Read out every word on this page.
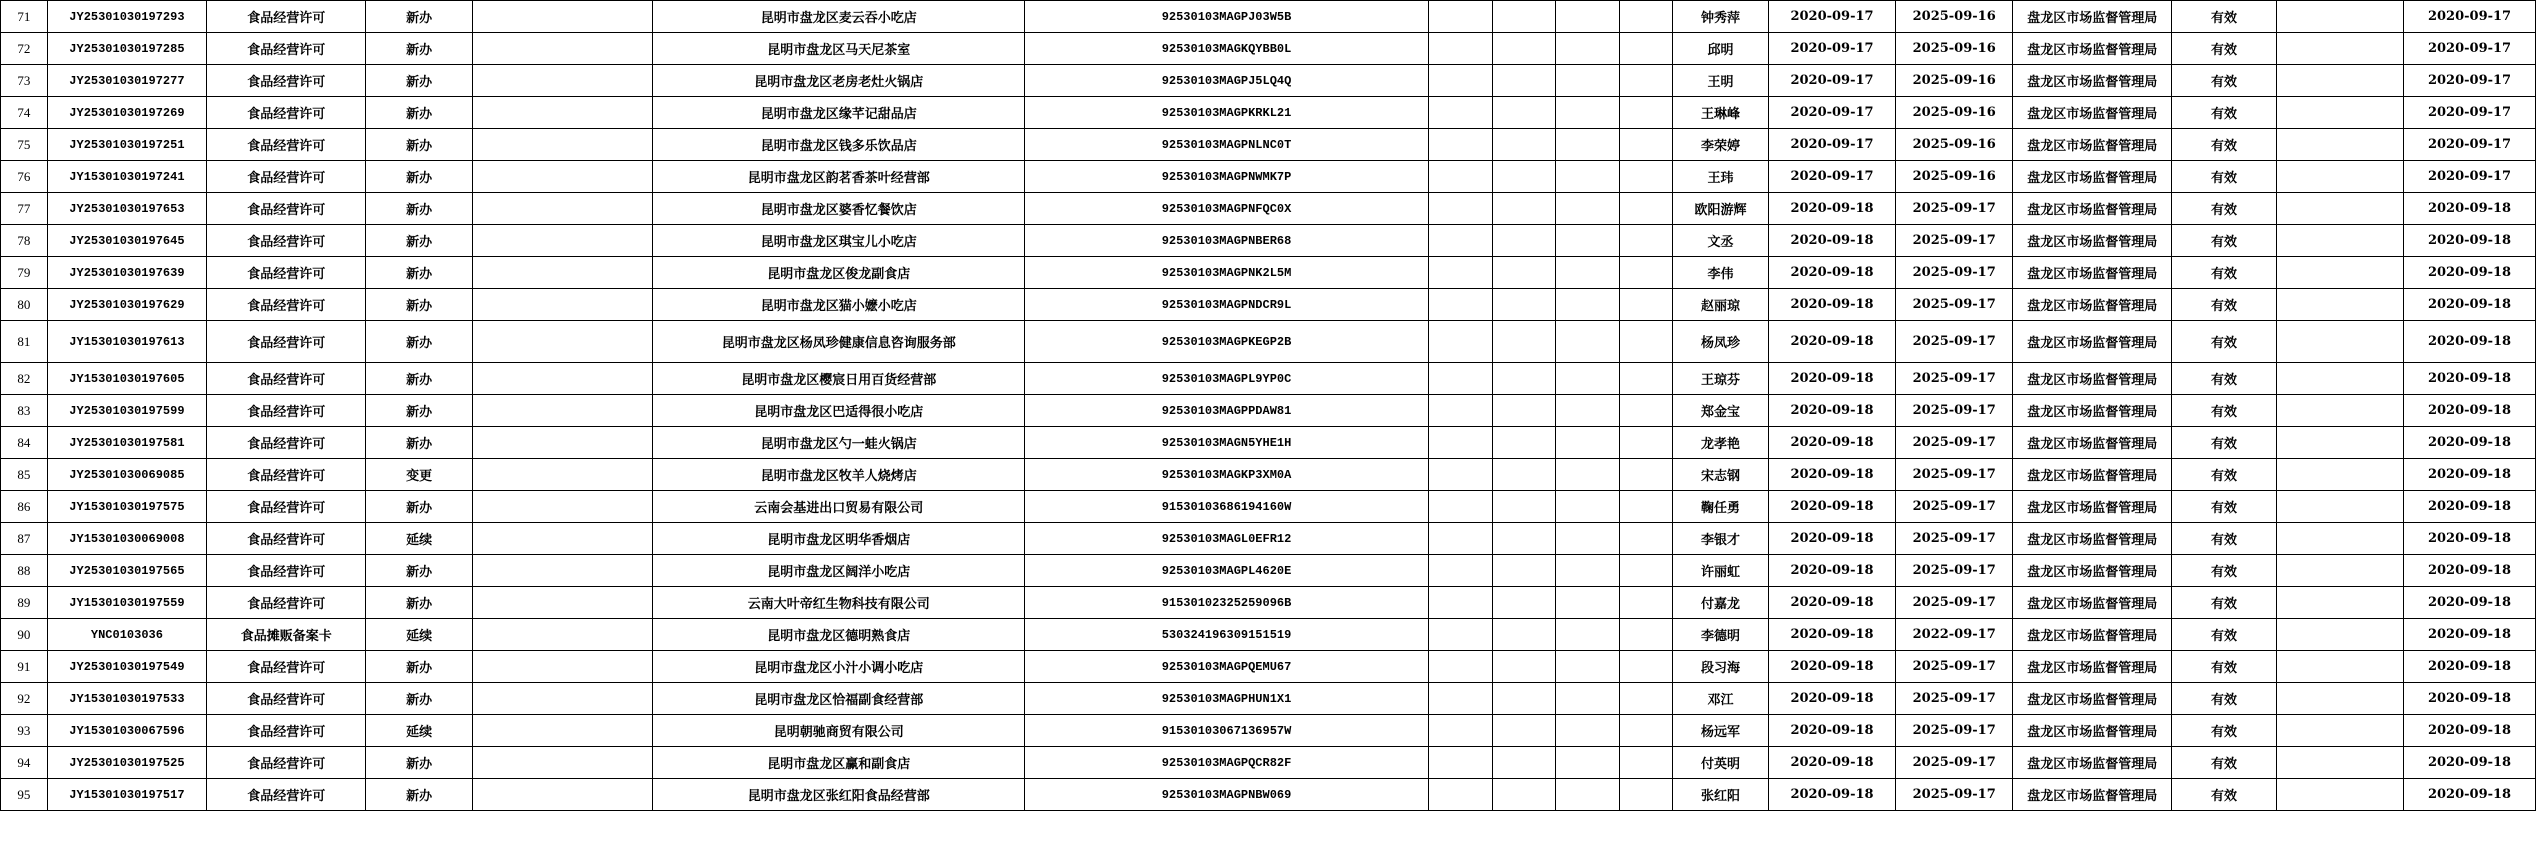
71	JY25301030197293	食品经营许可	新办		昆明市盘龙区麦云吞小吃店	92530103MAGPJ03W5B					钟秀萍	2020-09-17	2025-09-16	盘龙区市场监督管理局	有效		2020-09-17
72	JY25301030197285	食品经营许可	新办		昆明市盘龙区马天尼茶室	92530103MAGKQYBB0L					邱明	2020-09-17	2025-09-16	盘龙区市场监督管理局	有效		2020-09-17
73	JY25301030197277	食品经营许可	新办		昆明市盘龙区老房老灶火锅店	92530103MAGPJ5LQ4Q					王明	2020-09-17	2025-09-16	盘龙区市场监督管理局	有效		2020-09-17
74	JY25301030197269	食品经营许可	新办		昆明市盘龙区缘芊记甜品店	92530103MAGPKRKL21					王琳峰	2020-09-17	2025-09-16	盘龙区市场监督管理局	有效		2020-09-17
75	JY25301030197251	食品经营许可	新办		昆明市盘龙区钱多乐饮品店	92530103MAGPNLNC0T					李荣婷	2020-09-17	2025-09-16	盘龙区市场监督管理局	有效		2020-09-17
76	JY15301030197241	食品经营许可	新办		昆明市盘龙区韵茗香茶叶经营部	92530103MAGPNWMK7P					王玮	2020-09-17	2025-09-16	盘龙区市场监督管理局	有效		2020-09-17
77	JY25301030197653	食品经营许可	新办		昆明市盘龙区婆香忆餐饮店	92530103MAGPNFQC0X					欧阳游辉	2020-09-18	2025-09-17	盘龙区市场监督管理局	有效		2020-09-18
78	JY25301030197645	食品经营许可	新办		昆明市盘龙区琪宝儿小吃店	92530103MAGPNBER68					文丞	2020-09-18	2025-09-17	盘龙区市场监督管理局	有效		2020-09-18
79	JY25301030197639	食品经营许可	新办		昆明市盘龙区俊龙副食店	92530103MAGPNK2L5M					李伟	2020-09-18	2025-09-17	盘龙区市场监督管理局	有效		2020-09-18
80	JY25301030197629	食品经营许可	新办		昆明市盘龙区猫小嬷小吃店	92530103MAGPNDCR9L					赵丽琼	2020-09-18	2025-09-17	盘龙区市场监督管理局	有效		2020-09-18
81	JY15301030197613	食品经营许可	新办		昆明市盘龙区杨凤珍健康信息咨询服务部	92530103MAGPKEGP2B					杨凤珍	2020-09-18	2025-09-17	盘龙区市场监督管理局	有效		2020-09-18
82	JY15301030197605	食品经营许可	新办		昆明市盘龙区樱宸日用百货经营部	92530103MAGPL9YP0C					王琼芬	2020-09-18	2025-09-17	盘龙区市场监督管理局	有效		2020-09-18
83	JY25301030197599	食品经营许可	新办		昆明市盘龙区巴适得很小吃店	92530103MAGPPDAW81					郑金宝	2020-09-18	2025-09-17	盘龙区市场监督管理局	有效		2020-09-18
84	JY25301030197581	食品经营许可	新办		昆明市盘龙区勺一蛙火锅店	92530103MAGN5YHE1H					龙孝艳	2020-09-18	2025-09-17	盘龙区市场监督管理局	有效		2020-09-18
85	JY25301030069085	食品经营许可	变更		昆明市盘龙区牧羊人烧烤店	92530103MAGKP3XM0A					宋志钢	2020-09-18	2025-09-17	盘龙区市场监督管理局	有效		2020-09-18
86	JY15301030197575	食品经营许可	新办		云南会基进出口贸易有限公司	91530103686194160W					鞠任勇	2020-09-18	2025-09-17	盘龙区市场监督管理局	有效		2020-09-18
87	JY15301030069008	食品经营许可	延续		昆明市盘龙区明华香烟店	92530103MAGL0EFR12					李银才	2020-09-18	2025-09-17	盘龙区市场监督管理局	有效		2020-09-18
88	JY25301030197565	食品经营许可	新办		昆明市盘龙区阔洋小吃店	92530103MAGPL4620E					许丽虹	2020-09-18	2025-09-17	盘龙区市场监督管理局	有效		2020-09-18
89	JY15301030197559	食品经营许可	新办		云南大叶帝红生物科技有限公司	91530102325259096B					付嘉龙	2020-09-18	2025-09-17	盘龙区市场监督管理局	有效		2020-09-18
90	YNC0103036	食品摊贩备案卡	延续		昆明市盘龙区德明熟食店	530324196309151519					李德明	2020-09-18	2022-09-17	盘龙区市场监督管理局	有效		2020-09-18
91	JY25301030197549	食品经营许可	新办		昆明市盘龙区小汁小调小吃店	92530103MAGPQEMU67					段习海	2020-09-18	2025-09-17	盘龙区市场监督管理局	有效		2020-09-18
92	JY15301030197533	食品经营许可	新办		昆明市盘龙区恰福副食经营部	92530103MAGPHUN1X1					邓江	2020-09-18	2025-09-17	盘龙区市场监督管理局	有效		2020-09-18
93	JY15301030067596	食品经营许可	延续		昆明朝驰商贸有限公司	91530103067136957W					杨远军	2020-09-18	2025-09-17	盘龙区市场监督管理局	有效		2020-09-18
94	JY25301030197525	食品经营许可	新办		昆明市盘龙区赢和副食店	92530103MAGPQCR82F					付英明	2020-09-18	2025-09-17	盘龙区市场监督管理局	有效		2020-09-18
95	JY15301030197517	食品经营许可	新办		昆明市盘龙区张红阳食品经营部	92530103MAGPNBW069					张红阳	2020-09-18	2025-09-17	盘龙区市场监督管理局	有效		2020-09-18
